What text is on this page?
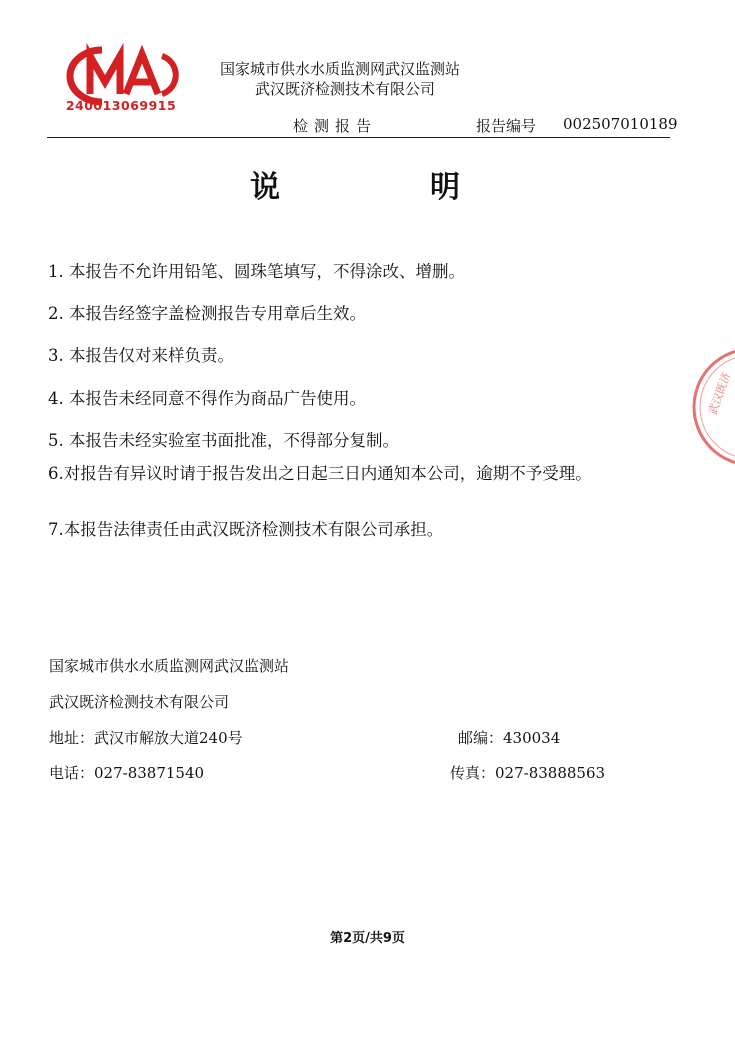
240013069915
国家城市供水水质监测网武汉监测站
武汉既济检测技术有限公司
检测报告	报告编号 002507010189
说	明
1. 本报告不允许用铅笔、圆珠笔填写，不得涂改、增删。
2. 本报告经签字盖检测报告专用章后生效。
3. 本报告仅对来样负责。
4. 本报告未经同意不得作为商品广告使用。
5. 本报告未经实验室书面批准，不得部分复制。
6.对报告有异议时请于报告发出之日起三日内通知本公司，逾期不予受理。
7.本报告法律责任由武汉既济检测技术有限公司承担。
国家城市供水水质监测网武汉监测站
武汉既济检测技术有限公司
地址：武汉市解放大道240号	邮编：430034
电话：027-83871540	传真：027-83888563
第2页/共9页
武汉既济
